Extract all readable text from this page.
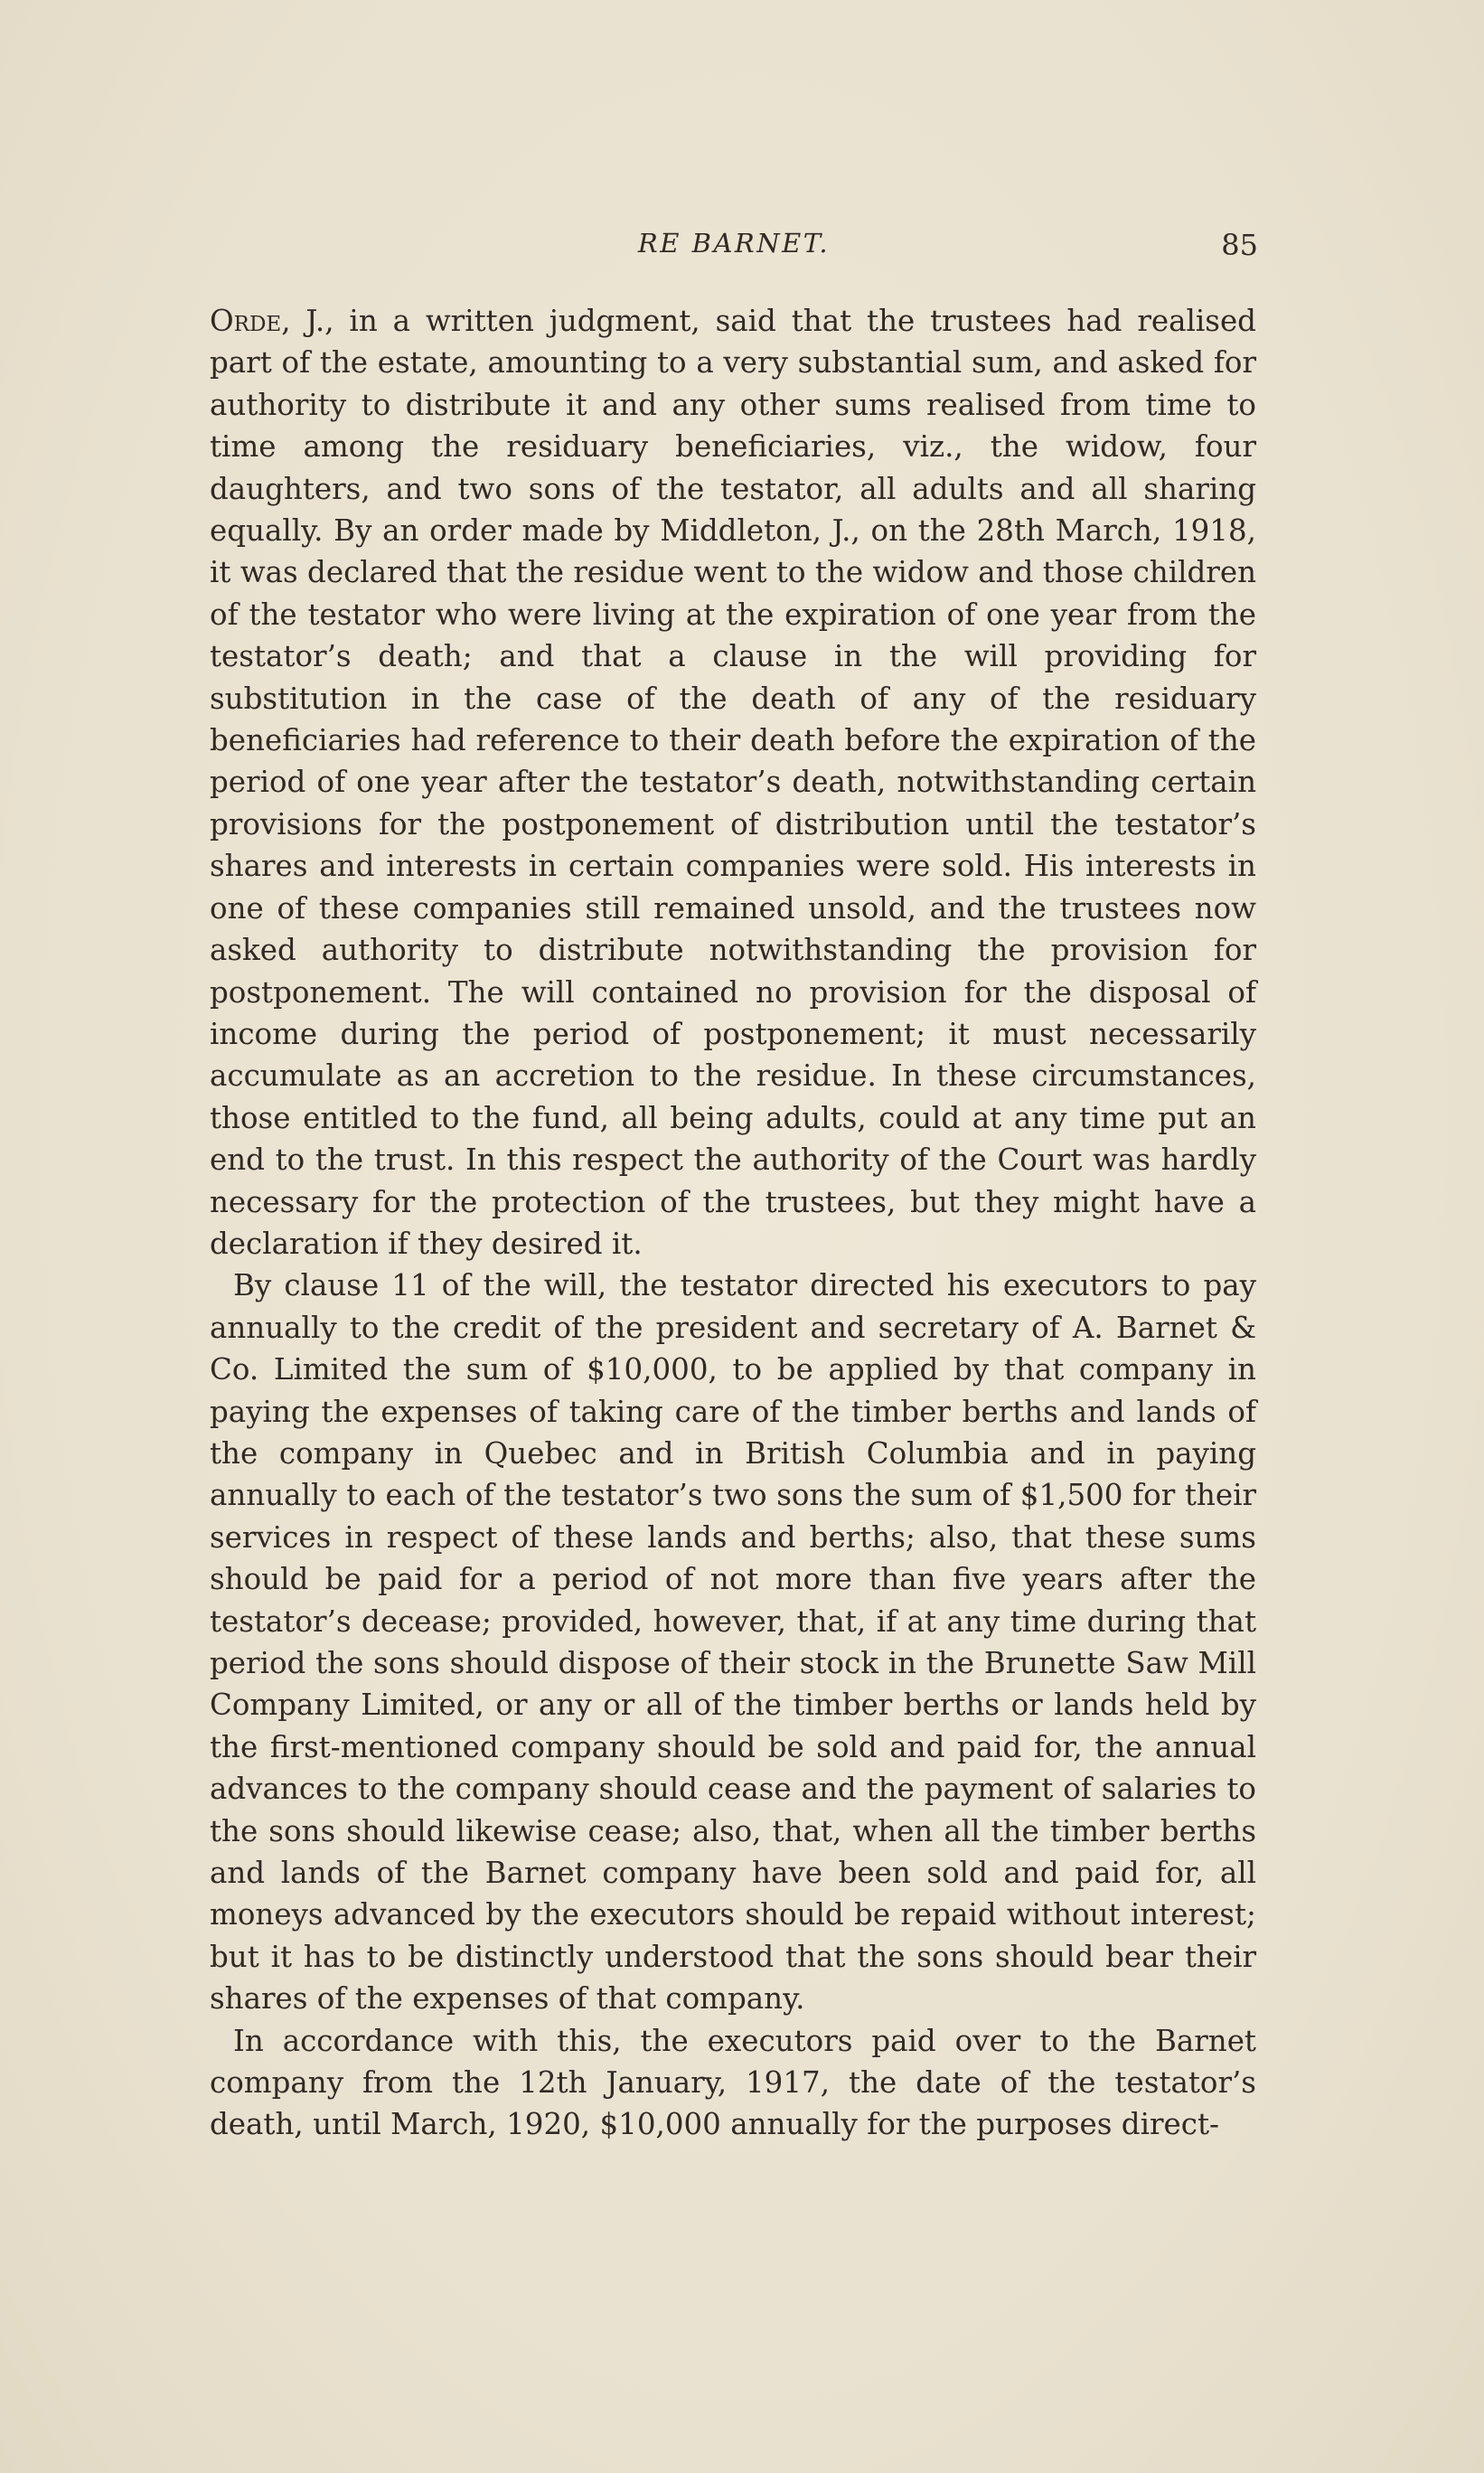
RE BARNET.	85

Orde, J., in a written judgment, said that the trustees had realised part of the estate, amounting to a very substantial sum, and asked for authority to distribute it and any other sums realised from time to time among the residuary beneficiaries, viz., the widow, four daughters, and two sons of the testator, all adults and all sharing equally. By an order made by Middleton, J., on the 28th March, 1918, it was declared that the residue went to the widow and those children of the testator who were living at the expiration of one year from the testator’s death; and that a clause in the will providing for substitution in the case of the death of any of the residuary beneficiaries had reference to their death before the expiration of the period of one year after the testator’s death, notwithstanding certain provisions for the postponement of distribution until the testator’s shares and interests in certain companies were sold. His interests in one of these companies still remained unsold, and the trustees now asked authority to distribute notwithstanding the provision for postponement. The will contained no provision for the disposal of income during the period of postponement; it must necessarily accumulate as an accretion to the residue. In these circumstances, those entitled to the fund, all being adults, could at any time put an end to the trust. In this respect the authority of the Court was hardly necessary for the protection of the trustees, but they might have a declaration if they desired it.

By clause 11 of the will, the testator directed his executors to pay annually to the credit of the president and secretary of A. Barnet & Co. Limited the sum of $10,000, to be applied by that company in paying the expenses of taking care of the timber berths and lands of the company in Quebec and in British Columbia and in paying annually to each of the testator’s two sons the sum of $1,500 for their services in respect of these lands and berths; also, that these sums should be paid for a period of not more than five years after the testator’s decease; provided, however, that, if at any time during that period the sons should dispose of their stock in the Brunette Saw Mill Company Limited, or any or all of the timber berths or lands held by the first-mentioned company should be sold and paid for, the annual advances to the company should cease and the payment of salaries to the sons should likewise cease; also, that, when all the timber berths and lands of the Barnet company have been sold and paid for, all moneys advanced by the executors should be repaid without interest; but it has to be distinctly understood that the sons should bear their shares of the expenses of that company.

In accordance with this, the executors paid over to the Barnet company from the 12th January, 1917, the date of the testator’s death, until March, 1920, $10,000 annually for the purposes direct-
